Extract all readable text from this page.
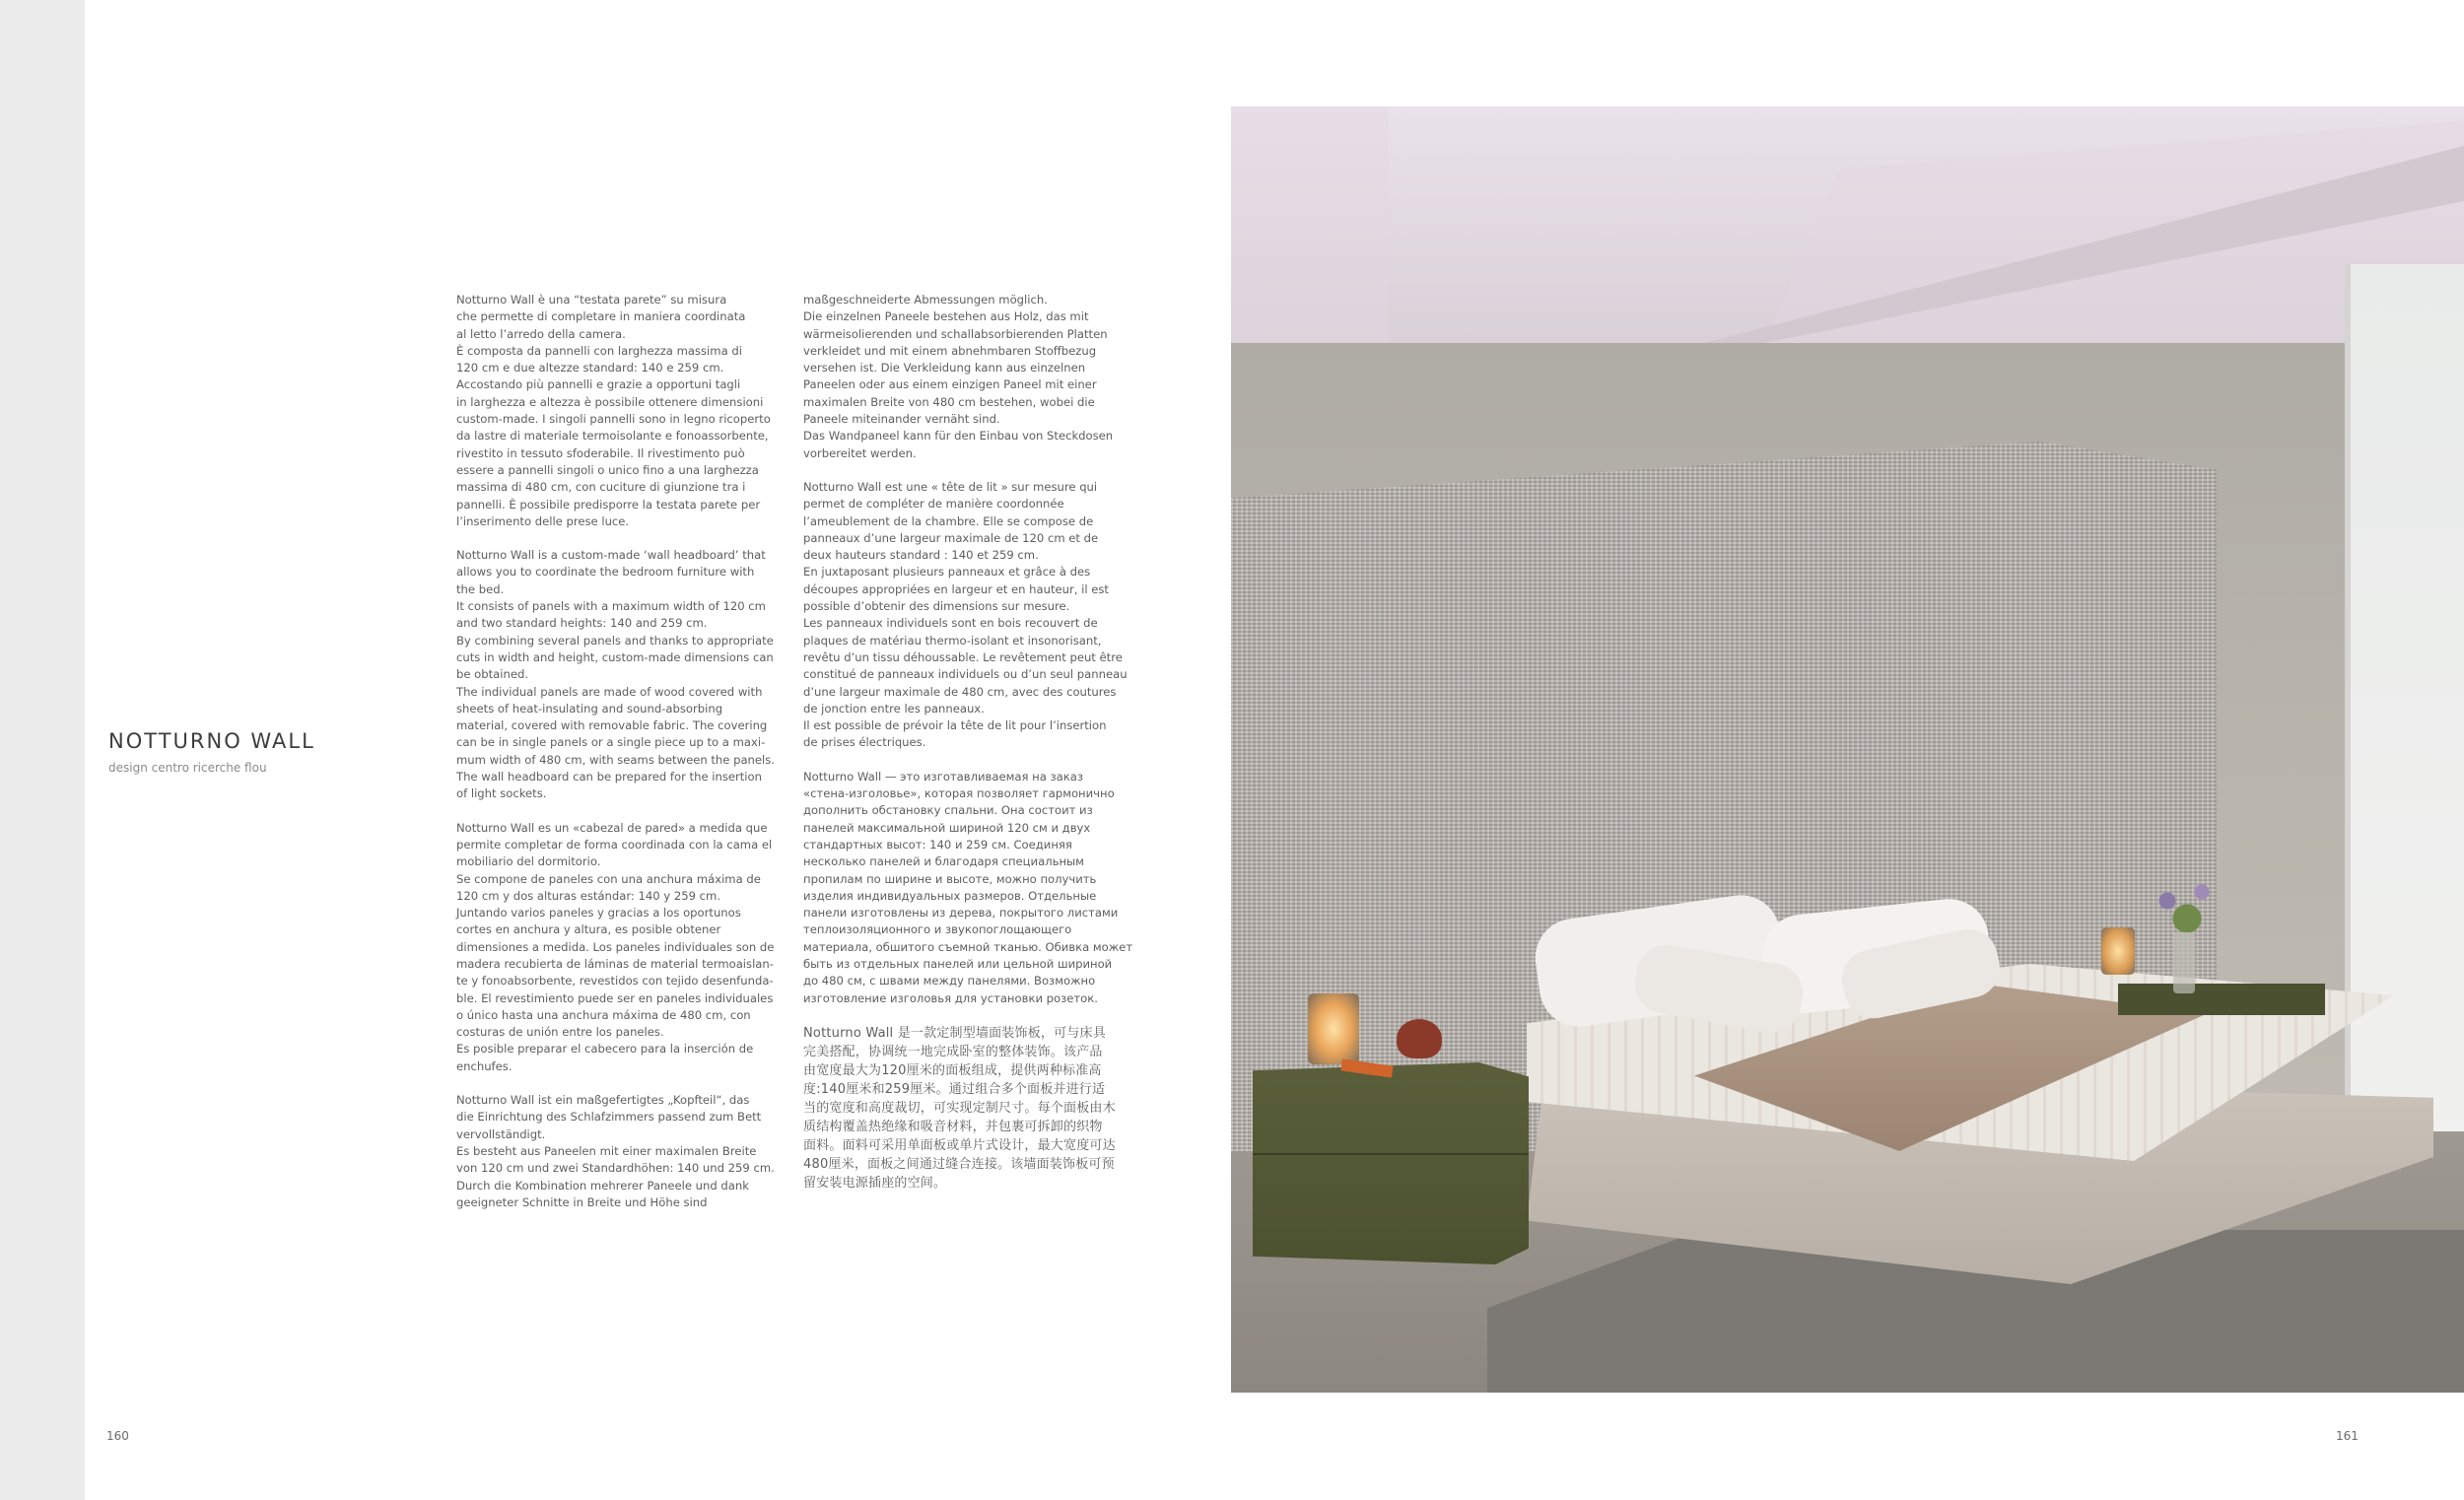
NOTTURNO WALL
design centro ricerche flou
Notturno Wall è una “testata parete” su misura
che permette di completare in maniera coordinata
al letto l’arredo della camera.
È composta da pannelli con larghezza massima di
120 cm e due altezze standard: 140 e 259 cm.
Accostando più pannelli e grazie a opportuni tagli
in larghezza e altezza è possibile ottenere dimensioni
custom-made. I singoli pannelli sono in legno ricoperto
da lastre di materiale termoisolante e fonoassorbente,
rivestito in tessuto sfoderabile. Il rivestimento può
essere a pannelli singoli o unico fino a una larghezza
massima di 480 cm, con cuciture di giunzione tra i
pannelli. È possibile predisporre la testata parete per
l’inserimento delle prese luce.
Notturno Wall is a custom-made ‘wall headboard’ that
allows you to coordinate the bedroom furniture with
the bed.
It consists of panels with a maximum width of 120 cm
and two standard heights: 140 and 259 cm.
By combining several panels and thanks to appropriate
cuts in width and height, custom-made dimensions can
be obtained.
The individual panels are made of wood covered with
sheets of heat-insulating and sound-absorbing
material, covered with removable fabric. The covering
can be in single panels or a single piece up to a maxi-
mum width of 480 cm, with seams between the panels.
The wall headboard can be prepared for the insertion
of light sockets.
Notturno Wall es un «cabezal de pared» a medida que
permite completar de forma coordinada con la cama el
mobiliario del dormitorio.
Se compone de paneles con una anchura máxima de
120 cm y dos alturas estándar: 140 y 259 cm.
Juntando varios paneles y gracias a los oportunos
cortes en anchura y altura, es posible obtener
dimensiones a medida. Los paneles individuales son de
madera recubierta de láminas de material termoaislan-
te y fonoabsorbente, revestidos con tejido desenfunda-
ble. El revestimiento puede ser en paneles individuales
o único hasta una anchura máxima de 480 cm, con
costuras de unión entre los paneles.
Es posible preparar el cabecero para la inserción de
enchufes.
Notturno Wall ist ein maßgefertigtes „Kopfteil“, das
die Einrichtung des Schlafzimmers passend zum Bett
vervollständigt.
Es besteht aus Paneelen mit einer maximalen Breite
von 120 cm und zwei Standardhöhen: 140 und 259 cm.
Durch die Kombination mehrerer Paneele und dank
geeigneter Schnitte in Breite und Höhe sind
maßgeschneiderte Abmessungen möglich.
Die einzelnen Paneele bestehen aus Holz, das mit
wärmeisolierenden und schallabsorbierenden Platten
verkleidet und mit einem abnehmbaren Stoffbezug
versehen ist. Die Verkleidung kann aus einzelnen
Paneelen oder aus einem einzigen Paneel mit einer
maximalen Breite von 480 cm bestehen, wobei die
Paneele miteinander vernäht sind.
Das Wandpaneel kann für den Einbau von Steckdosen
vorbereitet werden.
Notturno Wall est une « tête de lit » sur mesure qui
permet de compléter de manière coordonnée
l’ameublement de la chambre. Elle se compose de
panneaux d’une largeur maximale de 120 cm et de
deux hauteurs standard : 140 et 259 cm.
En juxtaposant plusieurs panneaux et grâce à des
découpes appropriées en largeur et en hauteur, il est
possible d’obtenir des dimensions sur mesure.
Les panneaux individuels sont en bois recouvert de
plaques de matériau thermo-isolant et insonorisant,
revêtu d’un tissu déhoussable. Le revêtement peut être
constitué de panneaux individuels ou d’un seul panneau
d’une largeur maximale de 480 cm, avec des coutures
de jonction entre les panneaux.
Il est possible de prévoir la tête de lit pour l’insertion
de prises électriques.
Notturno Wall — это изготавливаемая на заказ
«стена-изголовье», которая позволяет гармонично
дополнить обстановку спальни. Она состоит из
панелей максимальной шириной 120 см и двух
стандартных высот: 140 и 259 см. Соединяя
несколько панелей и благодаря специальным
пропилам по ширине и высоте, можно получить
изделия индивидуальных размеров. Отдельные
панели изготовлены из дерева, покрытого листами
теплоизоляционного и звукопоглощающего
материала, обшитого съемной тканью. Обивка может
быть из отдельных панелей или цельной шириной
до 480 см, с швами между панелями. Возможно
изготовление изголовья для установки розеток.
Notturno Wall 是一款定制型墙面装饰板，可与床具
完美搭配，协调统一地完成卧室的整体装饰。该产品
由宽度最大为120厘米的面板组成，提供两种标准高
度:140厘米和259厘米。通过组合多个面板并进行适
当的宽度和高度裁切，可实现定制尺寸。每个面板由木
质结构覆盖热绝缘和吸音材料，并包裹可拆卸的织物
面料。面料可采用单面板或单片式设计，最大宽度可达
480厘米，面板之间通过缝合连接。该墙面装饰板可预
留安装电源插座的空间。
160	161
